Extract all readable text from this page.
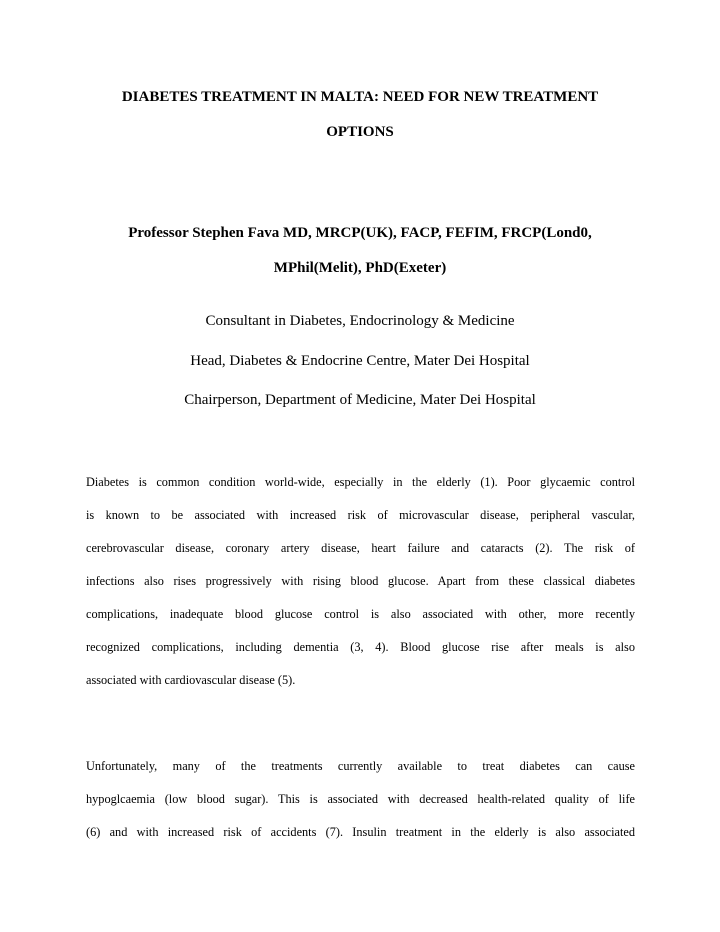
DIABETES TREATMENT IN MALTA: NEED FOR NEW TREATMENT
OPTIONS
Professor Stephen Fava MD, MRCP(UK), FACP, FEFIM, FRCP(Lond0,
MPhil(Melit), PhD(Exeter)
Consultant in Diabetes, Endocrinology & Medicine
Head, Diabetes & Endocrine Centre, Mater Dei Hospital
Chairperson, Department of Medicine, Mater Dei Hospital
Diabetes is common condition world-wide, especially in the elderly (1). Poor glycaemic control
is known to be associated with increased risk of microvascular disease, peripheral vascular,
cerebrovascular disease, coronary artery disease, heart failure and cataracts (2). The risk of
infections also rises progressively with rising blood glucose. Apart from these classical diabetes
complications, inadequate blood glucose control is also associated with other, more recently
recognized complications, including dementia (3, 4). Blood glucose rise after meals is also
associated with cardiovascular disease (5).
Unfortunately, many of the treatments currently available to treat diabetes can cause
hypoglcaemia (low blood sugar). This is associated with decreased health-related quality of life
(6) and with increased risk of accidents (7). Insulin treatment in the elderly is also associated
